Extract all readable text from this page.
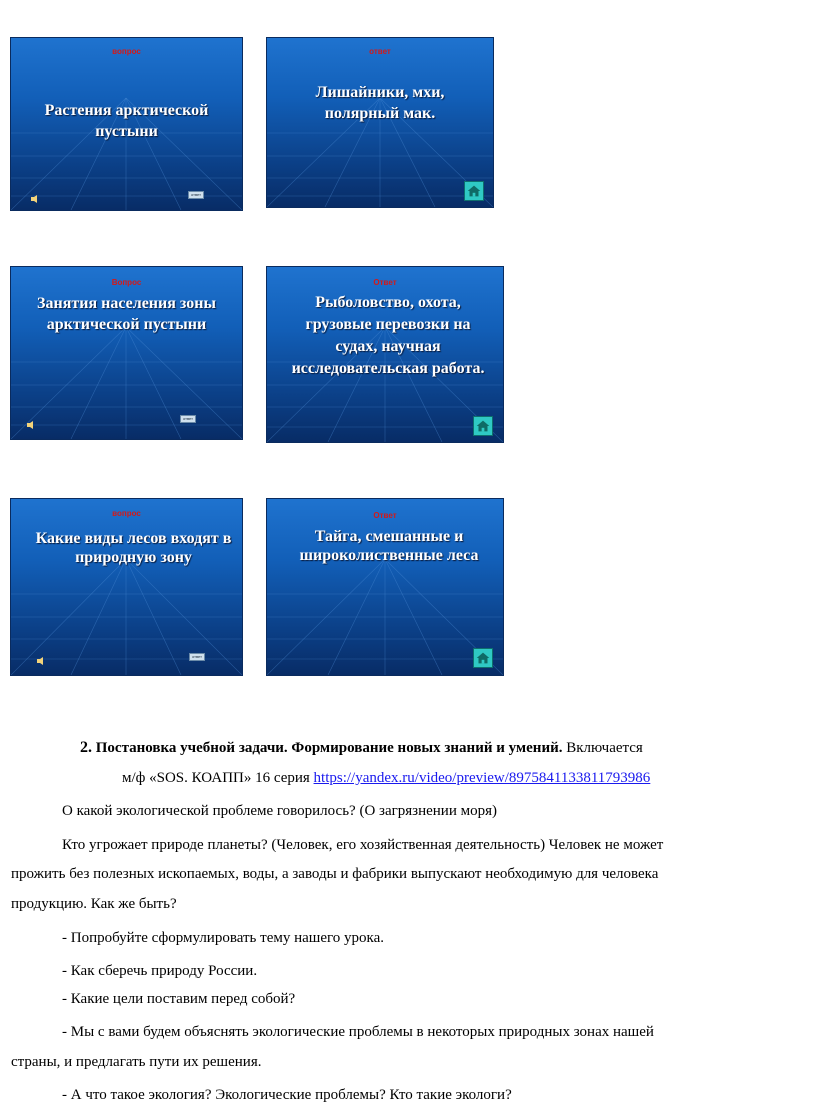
вопрос
Растения арктической пустыни
ответ
ответ
Лишайники, мхи, полярный мак.
Вопрос
Занятия населения зоны арктической пустыни
ответ
Ответ
Рыболовство, охота, грузовые перевозки на судах, научная исследовательская работа.
вопрос
Какие виды лесов входят в природную зону
ответ
Ответ
Тайга, смешанные и широколиственные леса
2. Постановка учебной задачи. Формирование новых знаний и умений. Включается
м/ф «SOS. КОАПП» 16 серия https://yandex.ru/video/preview/8975841133811793986
О какой экологической проблеме говорилось? (О загрязнении моря)
Кто угрожает природе планеты? (Человек, его хозяйственная деятельность) Человек не может
прожить без полезных ископаемых, воды, а заводы и фабрики выпускают необходимую для человека
продукцию. Как же быть?
- Попробуйте сформулировать тему нашего урока.
- Как сберечь природу России.
- Какие цели поставим перед собой?
- Мы с вами будем объяснять экологические проблемы в некоторых природных зонах нашей
страны, и предлагать пути их решения.
- А что такое экология? Экологические проблемы? Кто такие экологи?
